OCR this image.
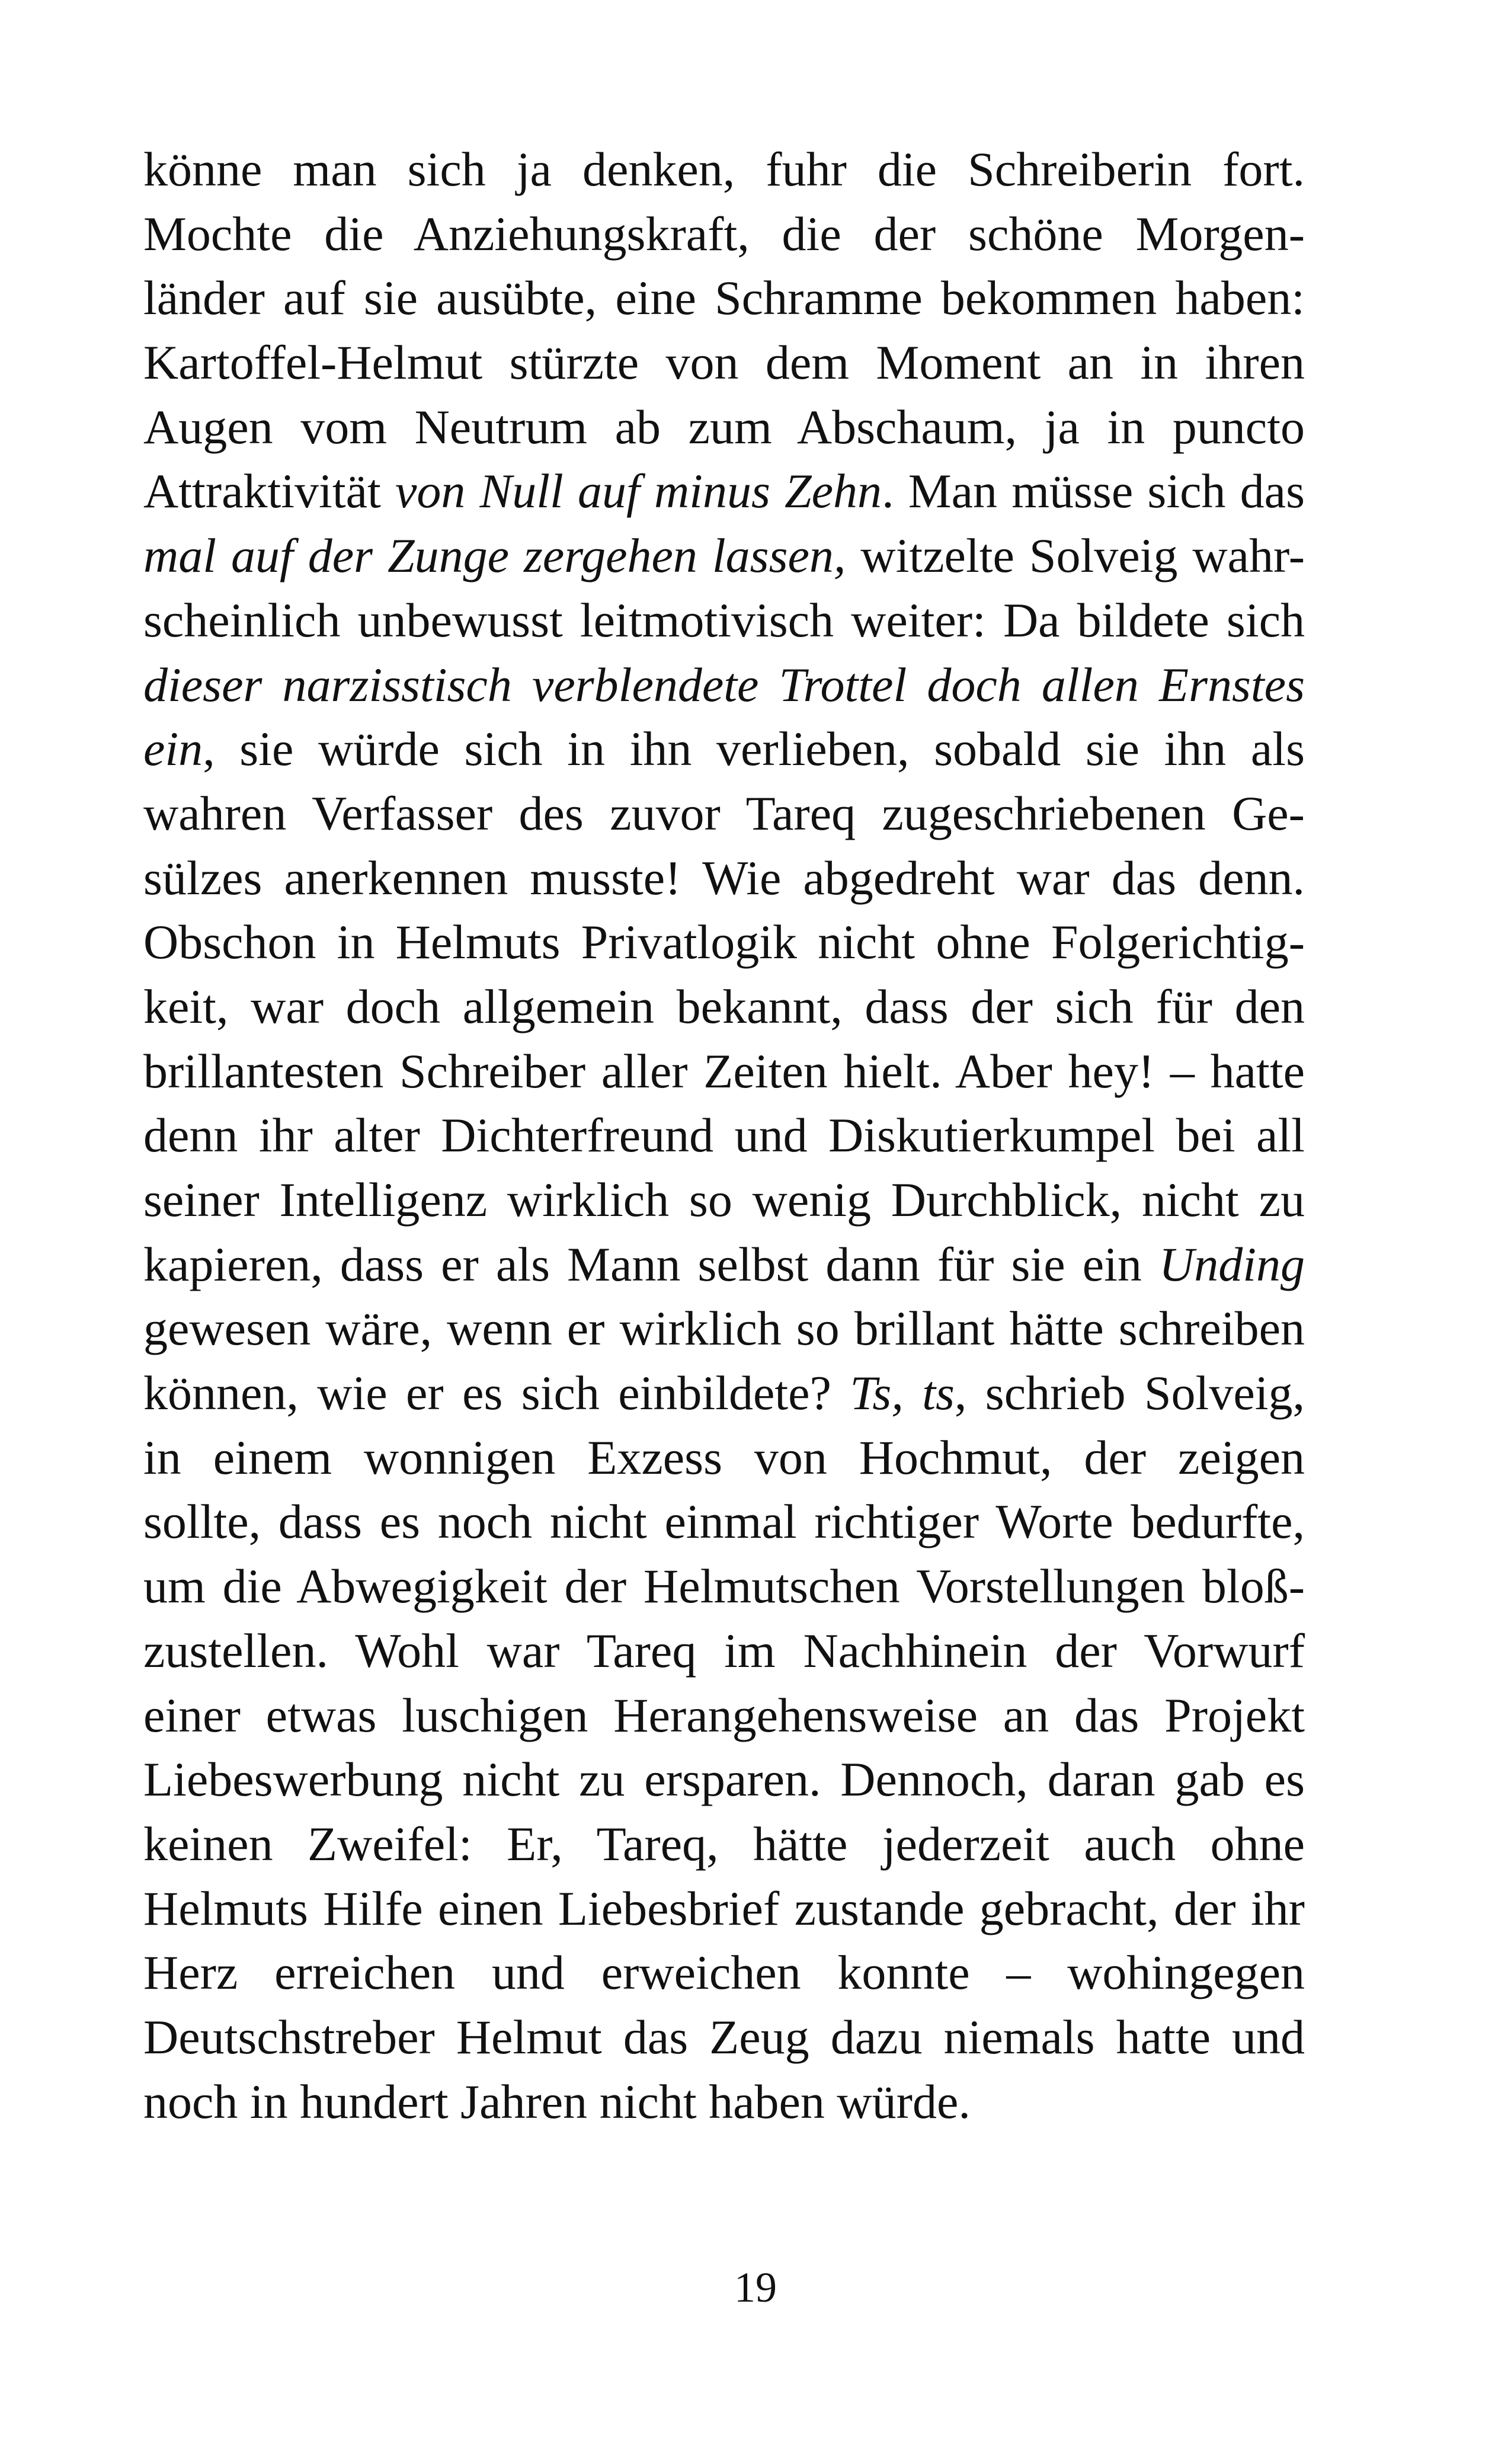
könne man sich ja denken, fuhr die Schreiberin fort.
Mochte die Anziehungskraft, die der schöne Morgen-
länder auf sie ausübte, eine Schramme bekommen haben:
Kartoffel-Helmut stürzte von dem Moment an in ihren
Augen vom Neutrum ab zum Abschaum, ja in puncto
Attraktivität von Null auf minus Zehn. Man müsse sich das
mal auf der Zunge zergehen lassen, witzelte Solveig wahr-
scheinlich unbewusst leitmotivisch weiter: Da bildete sich
dieser narzisstisch verblendete Trottel doch allen Ernstes
ein, sie würde sich in ihn verlieben, sobald sie ihn als
wahren Verfasser des zuvor Tareq zugeschriebenen Ge-
sülzes anerkennen musste! Wie abgedreht war das denn.
Obschon in Helmuts Privatlogik nicht ohne Folgerichtig-
keit, war doch allgemein bekannt, dass der sich für den
brillantesten Schreiber aller Zeiten hielt. Aber hey! – hatte
denn ihr alter Dichterfreund und Diskutierkumpel bei all
seiner Intelligenz wirklich so wenig Durchblick, nicht zu
kapieren, dass er als Mann selbst dann für sie ein Unding
gewesen wäre, wenn er wirklich so brillant hätte schreiben
können, wie er es sich einbildete? Ts, ts, schrieb Solveig,
in einem wonnigen Exzess von Hochmut, der zeigen
sollte, dass es noch nicht einmal richtiger Worte bedurfte,
um die Abwegigkeit der Helmutschen Vorstellungen bloß-
zustellen. Wohl war Tareq im Nachhinein der Vorwurf
einer etwas luschigen Herangehensweise an das Projekt
Liebeswerbung nicht zu ersparen. Dennoch, daran gab es
keinen Zweifel: Er, Tareq, hätte jederzeit auch ohne
Helmuts Hilfe einen Liebesbrief zustande gebracht, der ihr
Herz erreichen und erweichen konnte – wohingegen
Deutschstreber Helmut das Zeug dazu niemals hatte und
noch in hundert Jahren nicht haben würde.
19
